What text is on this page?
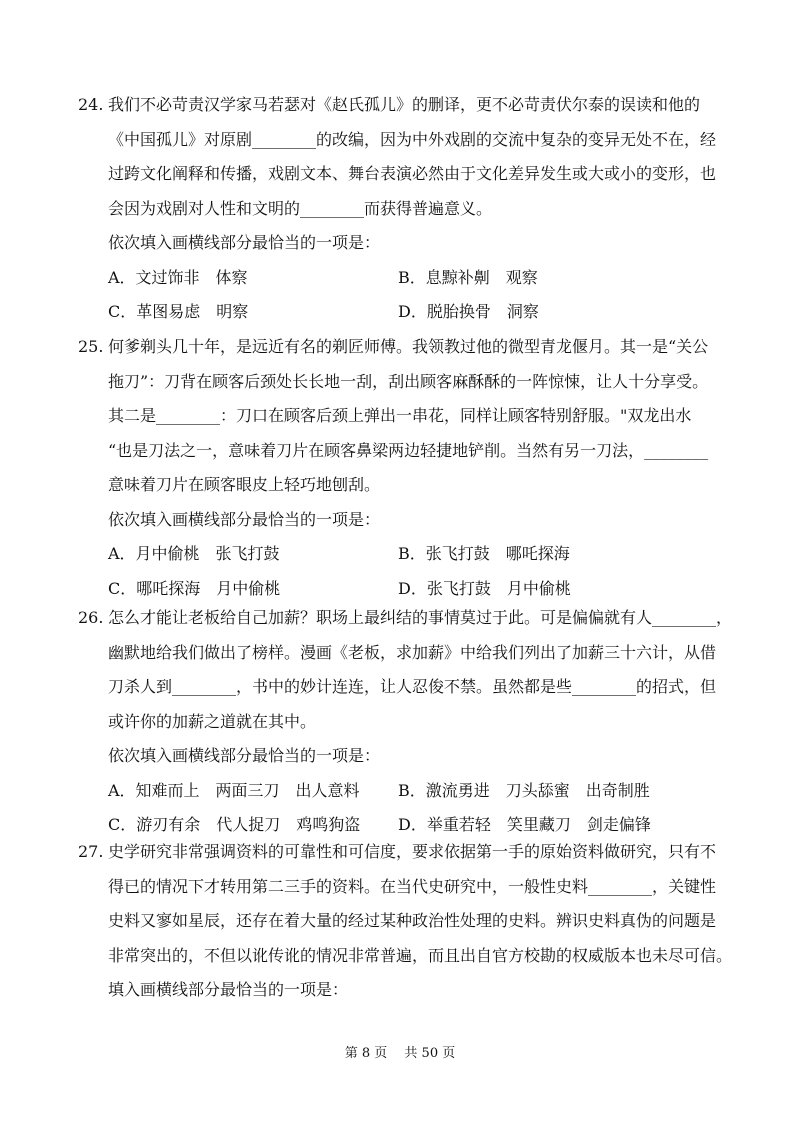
24. 我们不必苛责汉学家马若瑟对《赵氏孤儿》的删译，更不必苛责伏尔泰的误读和他的
《中国孤儿》对原剧________的改编，因为中外戏剧的交流中复杂的变异无处不在，经
过跨文化阐释和传播，戏剧文本、舞台表演必然由于文化差异发生或大或小的变形，也
会因为戏剧对人性和文明的________而获得普遍意义。
依次填入画横线部分最恰当的一项是：
A．文过饰非　体察	B．息黥补劓　观察
C．革图易虑　明察	D．脱胎换骨　洞察
25. 何爹剃头几十年，是远近有名的剃匠师傅。我领教过他的微型青龙偃月。其一是“关公
拖刀”：刀背在顾客后颈处长长地一刮，刮出顾客麻酥酥的一阵惊悚，让人十分享受。
其二是________：刀口在顾客后颈上弹出一串花，同样让顾客特别舒服。"双龙出水
“也是刀法之一，意味着刀片在顾客鼻梁两边轻捷地铲削。当然有另一刀法，________
意味着刀片在顾客眼皮上轻巧地刨刮。
依次填入画横线部分最恰当的一项是：
A．月中偷桃　张飞打鼓	B．张飞打鼓　哪吒探海
C．哪吒探海　月中偷桃	D．张飞打鼓　月中偷桃
26. 怎么才能让老板给自己加薪？职场上最纠结的事情莫过于此。可是偏偏就有人________，
幽默地给我们做出了榜样。漫画《老板，求加薪》中给我们列出了加薪三十六计，从借
刀杀人到________，书中的妙计连连，让人忍俊不禁。虽然都是些________的招式，但
或许你的加薪之道就在其中。
依次填入画横线部分最恰当的一项是：
A．知难而上　两面三刀　出人意料 B．激流勇进　刀头舔蜜　出奇制胜
C．游刃有余　代人捉刀　鸡鸣狗盗 D．举重若轻　笑里藏刀　剑走偏锋
27. 史学研究非常强调资料的可靠性和可信度，要求依据第一手的原始资料做研究，只有不
得已的情况下才转用第二三手的资料。在当代史研究中，一般性史料________，关键性
史料又寥如星辰，还存在着大量的经过某种政治性处理的史料。辨识史料真伪的问题是
非常突出的，不但以讹传讹的情况非常普遍，而且出自官方校勘的权威版本也未尽可信。
填入画横线部分最恰当的一项是：
第 8 页　 共 50 页
